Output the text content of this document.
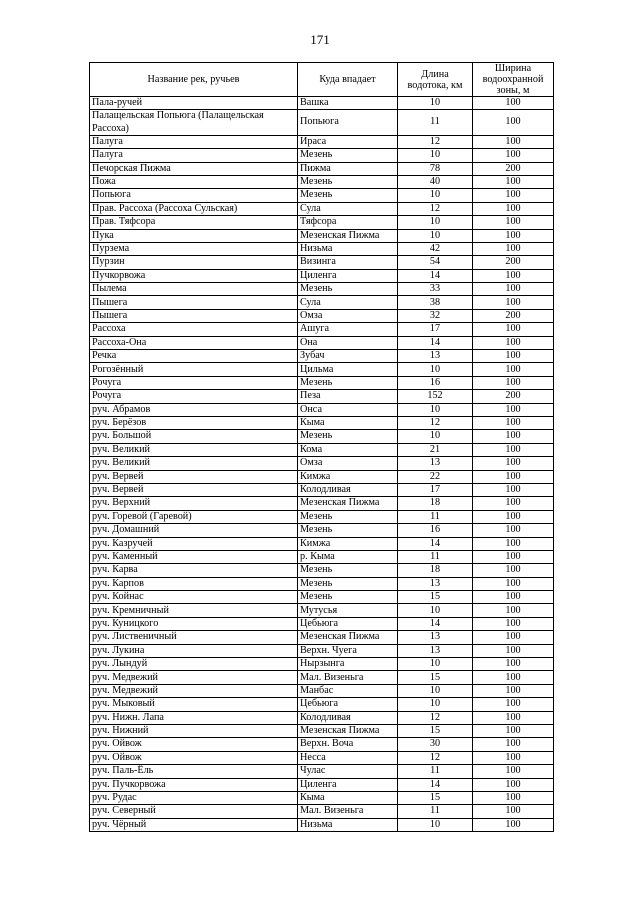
171
Название рек, ручьев	Куда впадает	Длина водотока, км	Ширина водоохранной зоны, м
Пала-ручей	Вашка	10	100
Палащельская Попьюга (Палащельская Рассоха)	Попьюга	11	100
Палуга	Ираса	12	100
Палуга	Мезень	10	100
Печорская Пижма	Пижма	78	200
Пожа	Мезень	40	100
Попьюга	Мезень	10	100
Прав. Рассоха (Рассоха Сульская)	Сула	12	100
Прав. Тяфсора	Тяфсора	10	100
Пука	Мезенская Пижма	10	100
Пурзема	Низьма	42	100
Пурзин	Визинга	54	200
Пучкорвожа	Циленга	14	100
Пылема	Мезень	33	100
Пышега	Сула	38	100
Пышега	Омза	32	200
Рассоха	Ашуга	17	100
Рассоха-Она	Она	14	100
Речка	Зубач	13	100
Рогозённый	Цильма	10	100
Рочуга	Мезень	16	100
Рочуга	Пеза	152	200
руч. Абрамов	Онса	10	100
руч. Берёзов	Кыма	12	100
руч. Большой	Мезень	10	100
руч. Великий	Кома	21	100
руч. Великий	Омза	13	100
руч. Вервей	Кимжа	22	100
руч. Вервей	Колодливая	17	100
руч. Верхний	Мезенская Пижма	18	100
руч. Горевой (Гаревой)	Мезень	11	100
руч. Домашний	Мезень	16	100
руч. Казручей	Кимжа	14	100
руч. Каменный	р. Кыма	11	100
руч. Карва	Мезень	18	100
руч. Карпов	Мезень	13	100
руч. Койнас	Мезень	15	100
руч. Кремничный	Мутусья	10	100
руч. Куницкого	Цебьюга	14	100
руч. Лиственичный	Мезенская Пижма	13	100
руч. Лукина	Верхн. Чуега	13	100
руч. Лындуй	Нырзынга	10	100
руч. Медвежий	Мал. Визеньга	15	100
руч. Медвежий	Манбас	10	100
руч. Мыковый	Цебьюга	10	100
руч. Нижн. Лапа	Колодливая	12	100
руч. Нижний	Мезенская Пижма	15	100
руч. Ойвож	Верхн. Воча	30	100
руч. Ойвож	Несса	12	100
руч. Паль-Ёль	Чулас	11	100
руч. Пучкорвожа	Циленга	14	100
руч. Рудас	Кыма	15	100
руч. Северный	Мал. Визеньга	11	100
руч. Чёрный	Низьма	10	100
